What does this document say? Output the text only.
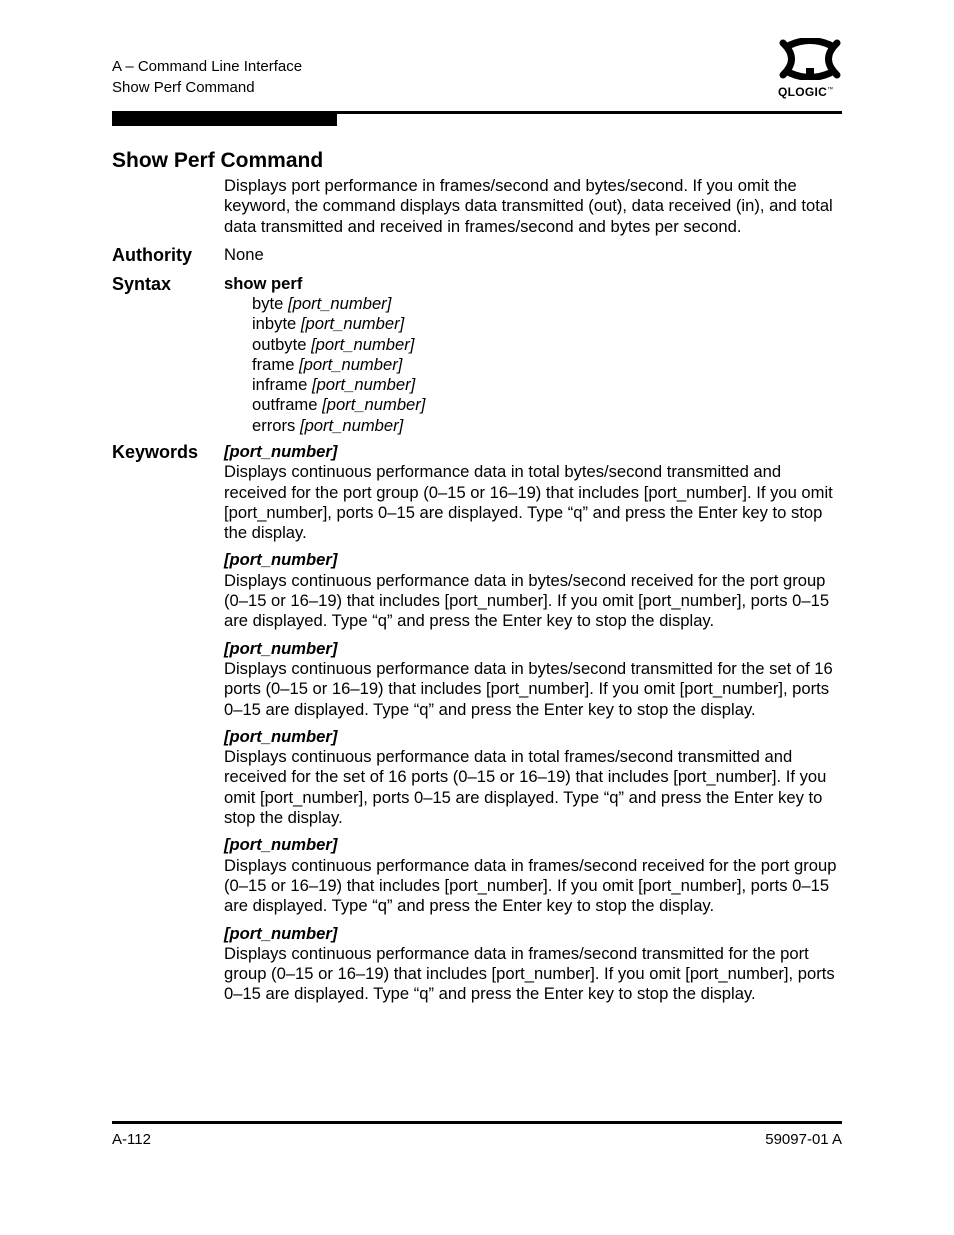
A – Command Line Interface
Show Perf Command	QLOGIC™
Show Perf Command
Displays port performance in frames/second and bytes/second. If you omit the keyword, the command displays data transmitted (out), data received (in), and total data transmitted and received in frames/second and bytes per second.
Authority None
Syntax	show perf
byte [port_number]
inbyte [port_number]
outbyte [port_number]
frame [port_number]
inframe [port_number]
outframe [port_number]
errors [port_number]
Keywords [port_number]
Displays continuous performance data in total bytes/second transmitted and received for the port group (0–15 or 16–19) that includes [port_number]. If you omit [port_number], ports 0–15 are displayed. Type “q” and press the Enter key to stop the display.
[port_number]
Displays continuous performance data in bytes/second received for the port group (0–15 or 16–19) that includes [port_number]. If you omit [port_number], ports 0–15 are displayed. Type “q” and press the Enter key to stop the display.
[port_number]
Displays continuous performance data in bytes/second transmitted for the set of 16 ports (0–15 or 16–19) that includes [port_number]. If you omit [port_number], ports 0–15 are displayed. Type “q” and press the Enter key to stop the display.
[port_number]
Displays continuous performance data in total frames/second transmitted and received for the set of 16 ports (0–15 or 16–19) that includes [port_number]. If you omit [port_number], ports 0–15 are displayed. Type “q” and press the Enter key to stop the display.
[port_number]
Displays continuous performance data in frames/second received for the port group (0–15 or 16–19) that includes [port_number]. If you omit [port_number], ports 0–15 are displayed. Type “q” and press the Enter key to stop the display.
[port_number]
Displays continuous performance data in frames/second transmitted for the port group (0–15 or 16–19) that includes [port_number]. If you omit [port_number], ports 0–15 are displayed. Type “q” and press the Enter key to stop the display.
A-112	59097-01 A
